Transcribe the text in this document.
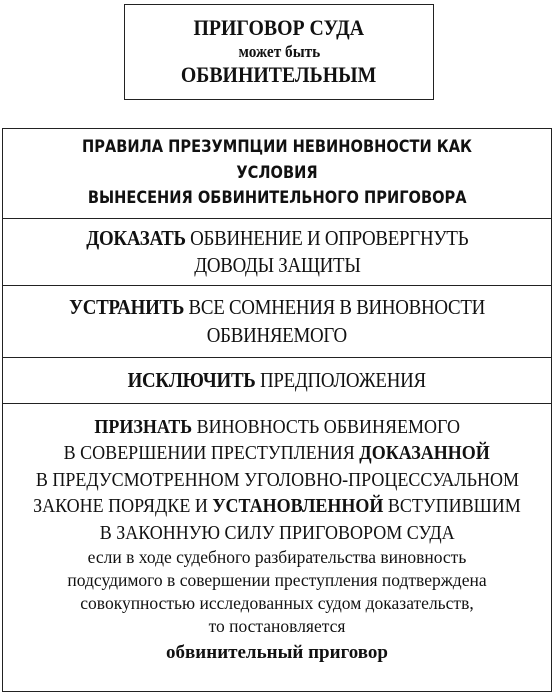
ПРИГОВОР СУДА
может быть
ОБВИНИТЕЛЬНЫМ
ПРАВИЛА ПРЕЗУМПЦИИ НЕВИНОВНОСТИ КАК УСЛОВИЯ
ВЫНЕСЕНИЯ ОБВИНИТЕЛЬНОГО ПРИГОВОРА
ДОКАЗАТЬ ОБВИНЕНИЕ И ОПРОВЕРГНУТЬ
ДОВОДЫ ЗАЩИТЫ
УСТРАНИТЬ ВСЕ СОМНЕНИЯ В ВИНОВНОСТИ
ОБВИНЯЕМОГО
ИСКЛЮЧИТЬ ПРЕДПОЛОЖЕНИЯ
ПРИЗНАТЬ ВИНОВНОСТЬ ОБВИНЯЕМОГО
В СОВЕРШЕНИИ ПРЕСТУПЛЕНИЯ ДОКАЗАННОЙ
В ПРЕДУСМОТРЕННОМ УГОЛОВНО-ПРОЦЕССУАЛЬНОМ
ЗАКОНЕ ПОРЯДКЕ И УСТАНОВЛЕННОЙ ВСТУПИВШИМ
В ЗАКОННУЮ СИЛУ ПРИГОВОРОМ СУДА
если в ходе судебного разбирательства виновность
подсудимого в совершении преступления подтверждена
совокупностью исследованных судом доказательств,
то постановляется
обвинительный приговор
